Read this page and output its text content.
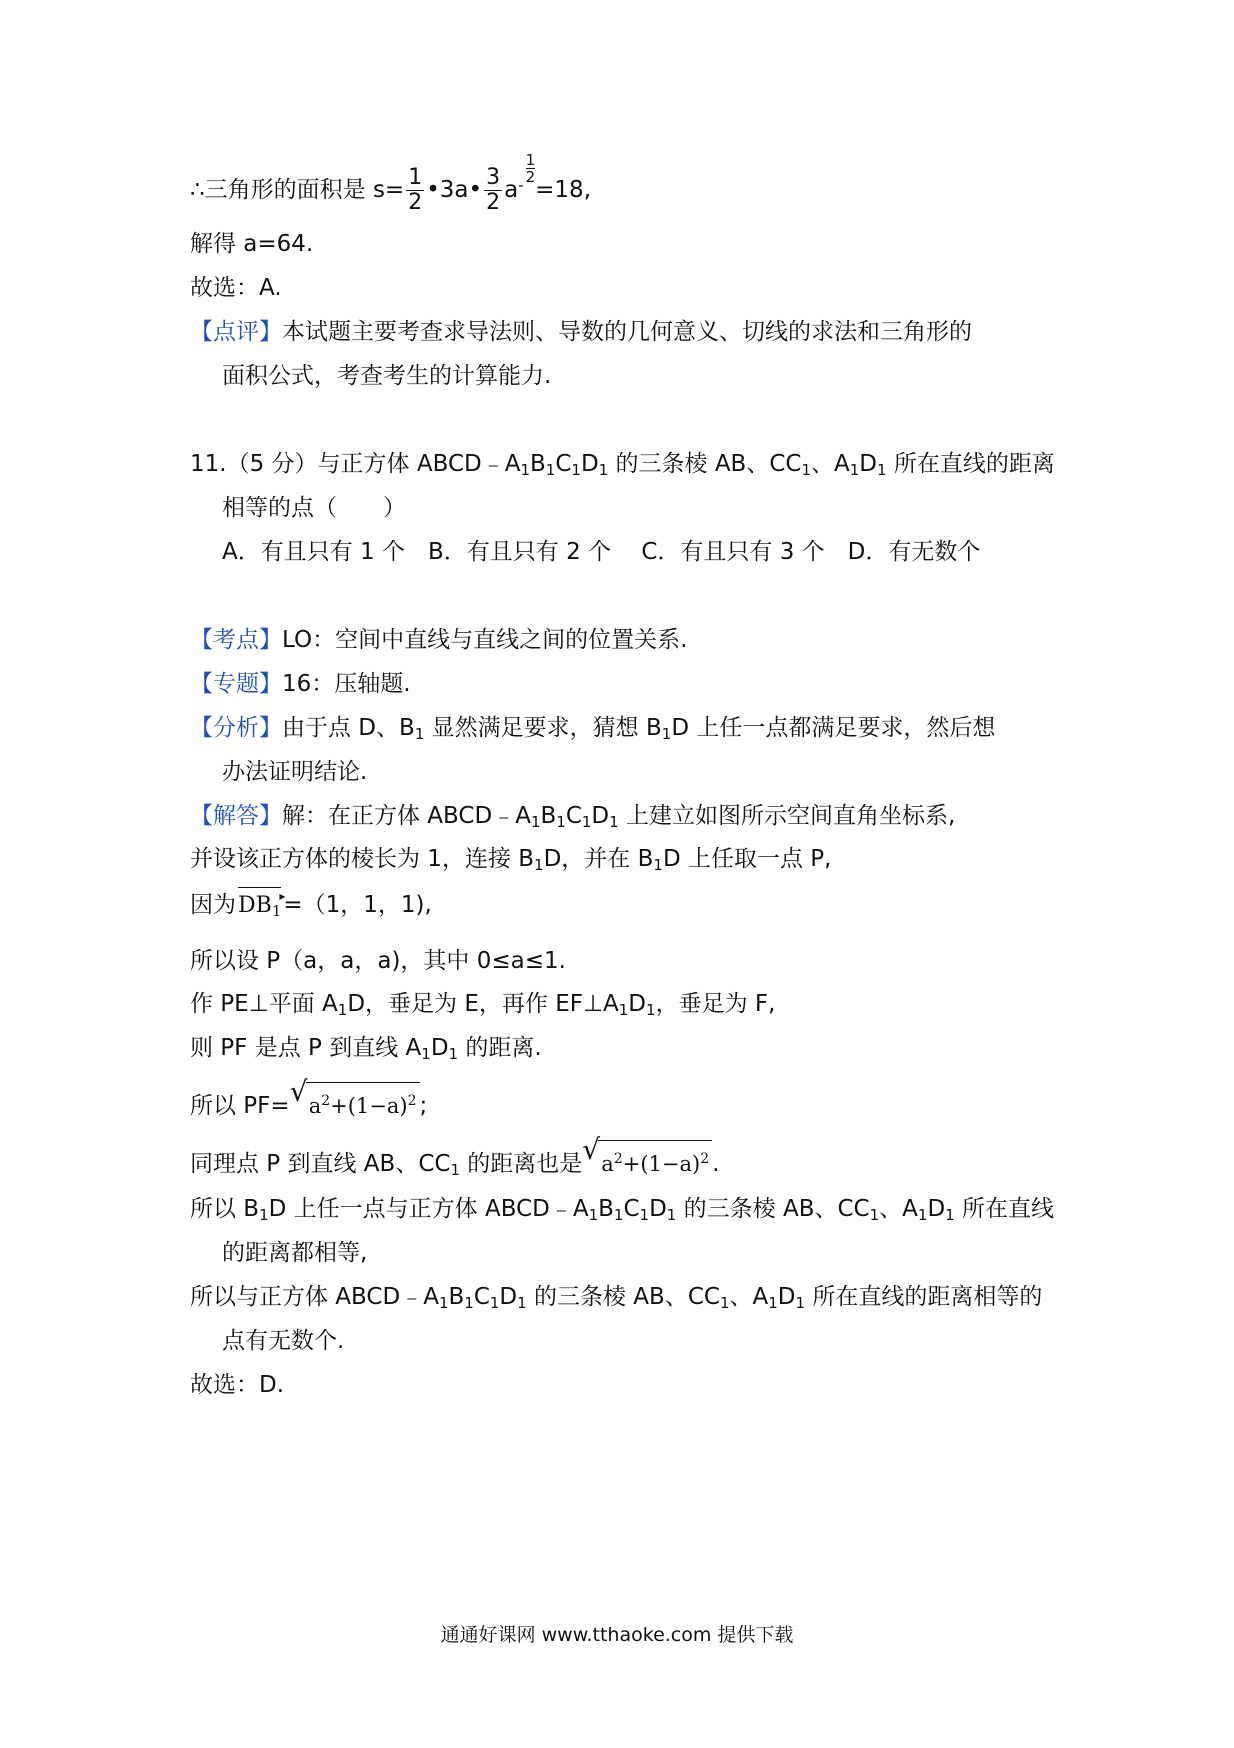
∴三角形的面积是 $s= \frac{1}{2}$ •3a• $\frac{3}{2} a- \frac{1}{2}$
=18,
解得 a=64.
故选：A.
【点评】本试题主要考查求导法则、导数的几何意义、切线的求法和三角形的
面积公式，考查考生的计算能力.
11.（5 分）与正方体 $ABCD﹣A_1B_1C_1D_1$ 的三条棱 AB、$CC_1$、$A_1D_1$ 所在直线的距离
相等的点（　　）
A．有且只有 1 个　B．有且只有 2 个　 C．有且只有 3 个　D．有无数个
【考点】LO：空间中直线与直线之间的位置关系.
【专题】16：压轴题.
【分析】由于点 D、$B_1$ 显然满足要求，猜想 $B_1D$ 上任一点都满足要求，然后想
办法证明结论.
【解答】解：在正方体 $ABCD﹣A_1B_1C_1D_1$ 上建立如图所示空间直角坐标系,
并设该正方体的棱长为 1，连接 $B_1D$，并在 $B_1D$ 上任取一点 P,
因为$DB_1$
▸
=（1，1，1),
所以设 P（a，a，a)，其中 0≤a≤1.
作 PE⊥平面 $A_1D$，垂足为 E，再作 $EF\perp A_1D_1$，垂足为 F,
则 PF 是点 P 到直线 $A_1D_1$ 的距离.
所以 PF= √ $a^2+(1-a)^2$ ;
同理点 P 到直线 AB、$CC_1$ 的距离也是 √ $a^2+(1-a)^2$ .
所以 $B_1D$ 上任一点与正方体 $ABCD﹣A_1B_1C_1D_1$ 的三条棱 AB、$CC_1$、$A_1D_1$ 所在直线
的距离都相等,
所以与正方体 $ABCD﹣A_1B_1C_1D_1$ 的三条棱 AB、$CC_1$、$A_1D_1$ 所在直线的距离相等的
点有无数个.
故选：D.
通通好课网 www.tthaoke.com 提供下载
